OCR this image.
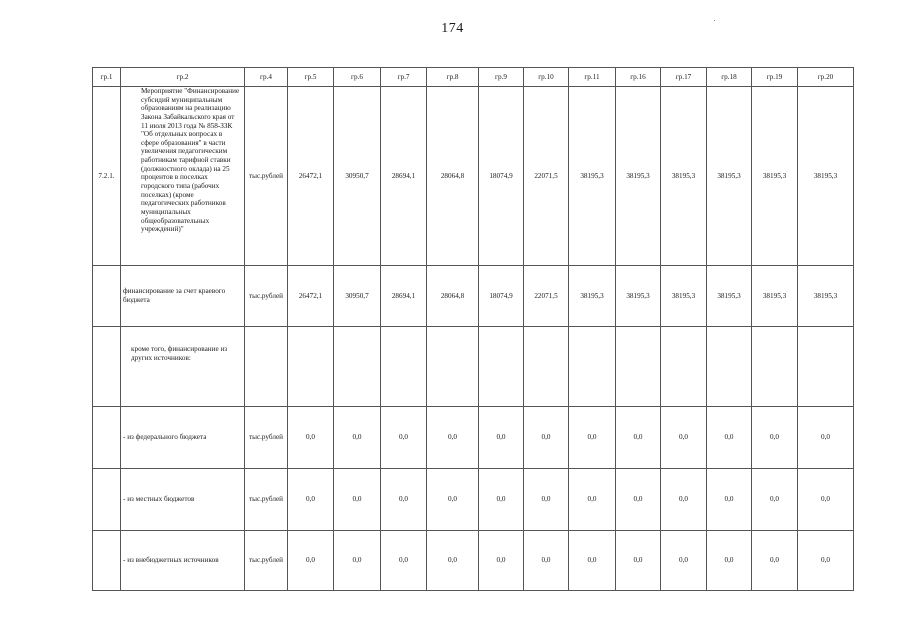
174
гр.1	гр.2	гр.4	гр.5	гр.6	гр.7	гр.8	гр.9	гр.10	гр.11	гр.16	гр.17	гр.18	гр.19	гр.20
7.2.1.	Мероприятие "Финансирование субсидий муниципальным образованиям на реализацию Закона Забайкальского края от 11 июля 2013 года № 858-ЗЗК "Об отдельных вопросах в сфере образования" в части увеличения педагогическим работникам тарифной ставки (должностного оклада) на 25 процентов в поселках городского типа (рабочих поселках) (кроме педагогических работников муниципальных общеобразовательных учреждений)"	тыс.рублей	26472,1	30950,7	28694,1	28064,8	18074,9	22071,5	38195,3	38195,3	38195,3	38195,3	38195,3	38195,3
	финансирование за счет краевого бюджета	тыс.рублей	26472,1	30950,7	28694,1	28064,8	18074,9	22071,5	38195,3	38195,3	38195,3	38195,3	38195,3	38195,3
	кроме того, финансирование из других источников:													
	- из федерального бюджета	тыс.рублей	0,0	0,0	0,0	0,0	0,0	0,0	0,0	0,0	0,0	0,0	0,0	0,0
	- из местных бюджетов	тыс.рублей	0,0	0,0	0,0	0,0	0,0	0,0	0,0	0,0	0,0	0,0	0,0	0,0
	- из внебюджетных источников	тыс.рублей	0,0	0,0	0,0	0,0	0,0	0,0	0,0	0,0	0,0	0,0	0,0	0,0
